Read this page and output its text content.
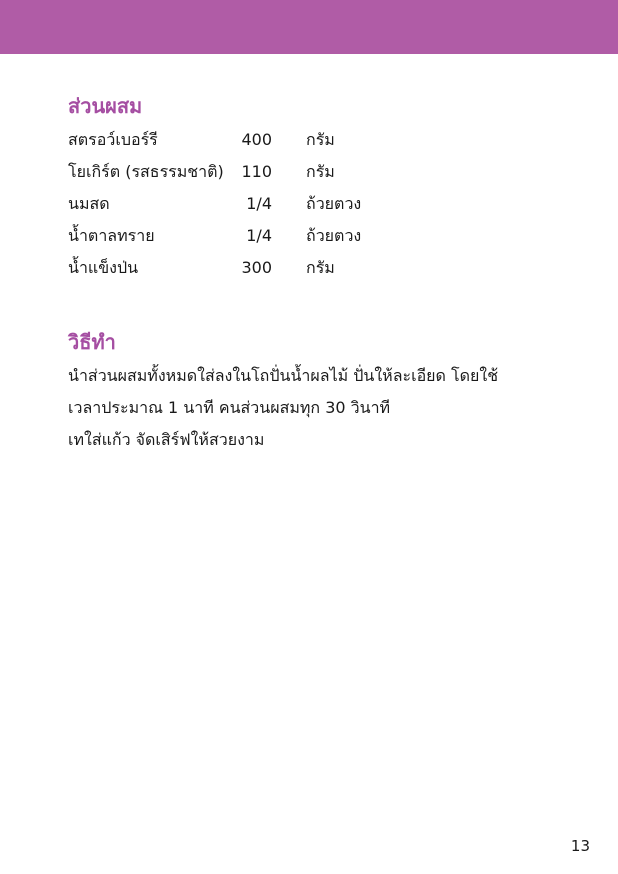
ส่วนผสม
สตรอว์เบอร์รี	400 กรัม
โยเกิร์ต (รสธรรมชาติ)	110 กรัม
นมสด	1/4 ถ้วยตวง
น้ำตาลทราย	1/4 ถ้วยตวง
น้ำแข็งป่น	300 กรัม
วิธีทำ
นำส่วนผสมทั้งหมดใส่ลงในโถปั่นน้ำผลไม้ ปั่นให้ละเอียด โดยใช้
เวลาประมาณ 1 นาที คนส่วนผสมทุก 30 วินาที
เทใส่แก้ว จัดเสิร์ฟให้สวยงาม
13
